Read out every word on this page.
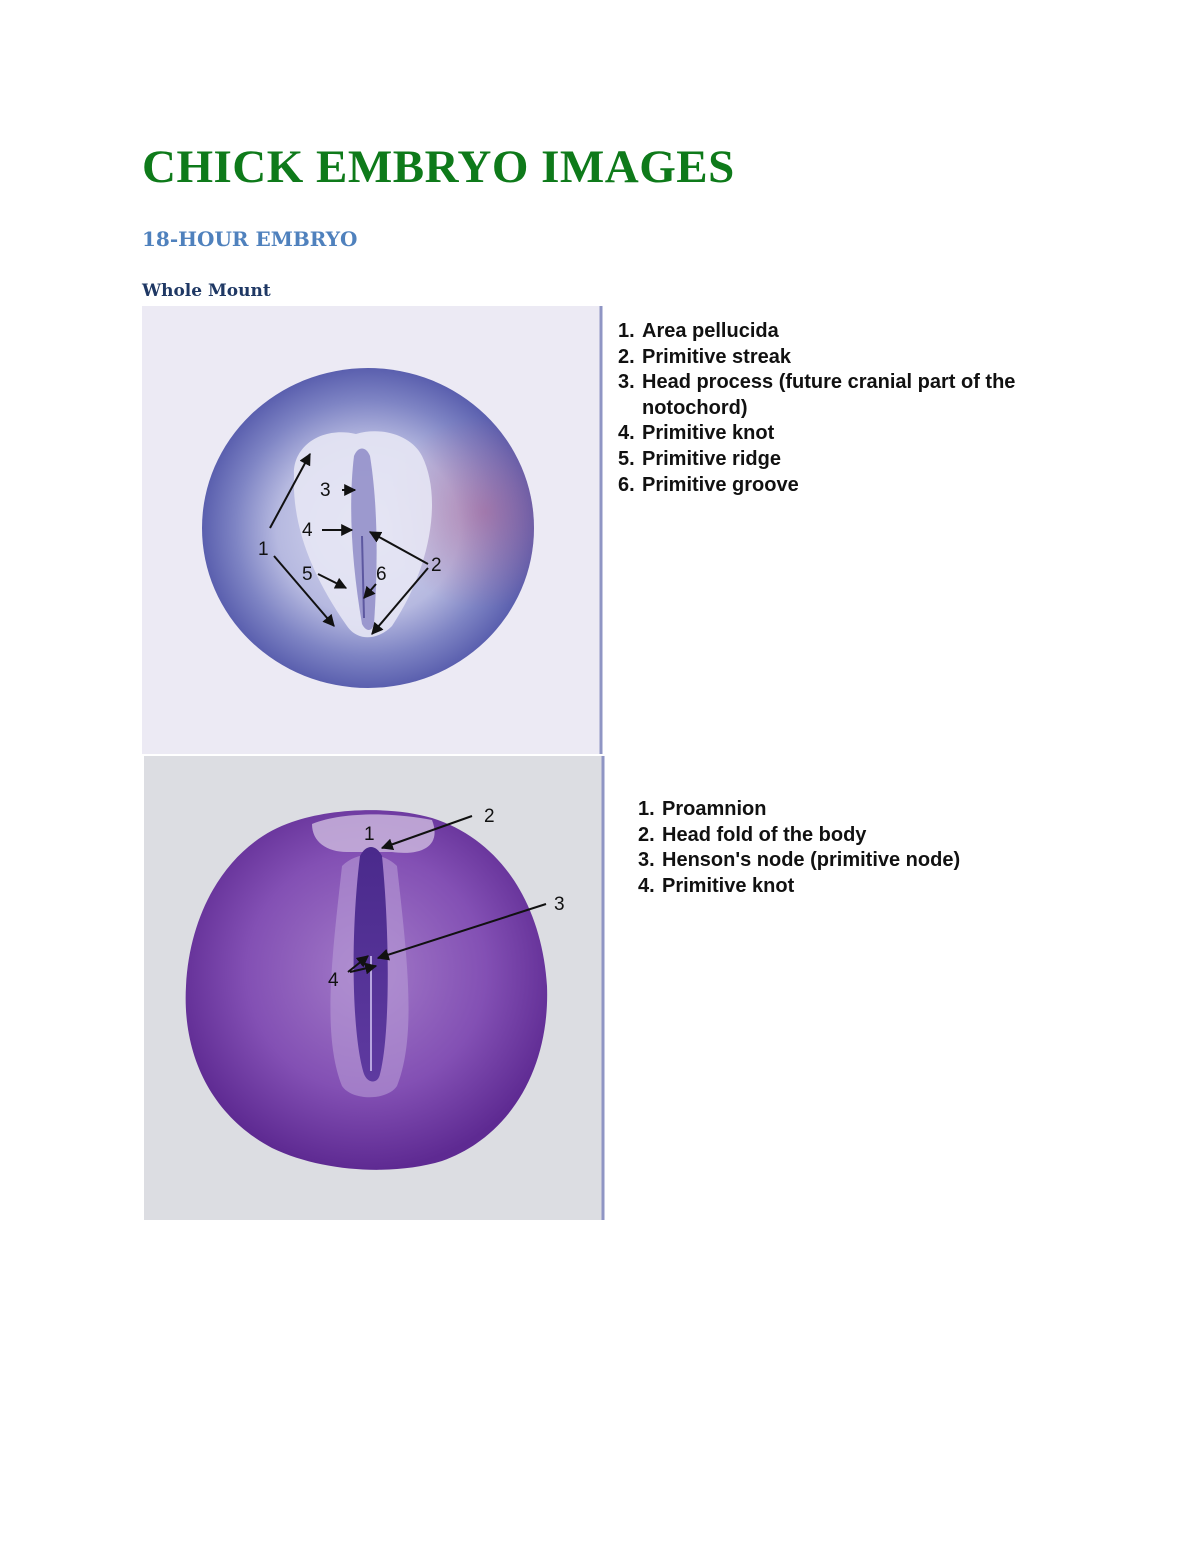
CHICK EMBRYO IMAGES
18-HOUR EMBRYO
Whole Mount
1
2
3
4
5	6
1. Area pellucida
2. Primitive streak
3. Head process (future cranial part of the notochord)
4. Primitive knot
5. Primitive ridge
6. Primitive groove
1
2
3
4
1. Proamnion
2. Head fold of the body
3. Henson's node (primitive node)
4. Primitive knot
